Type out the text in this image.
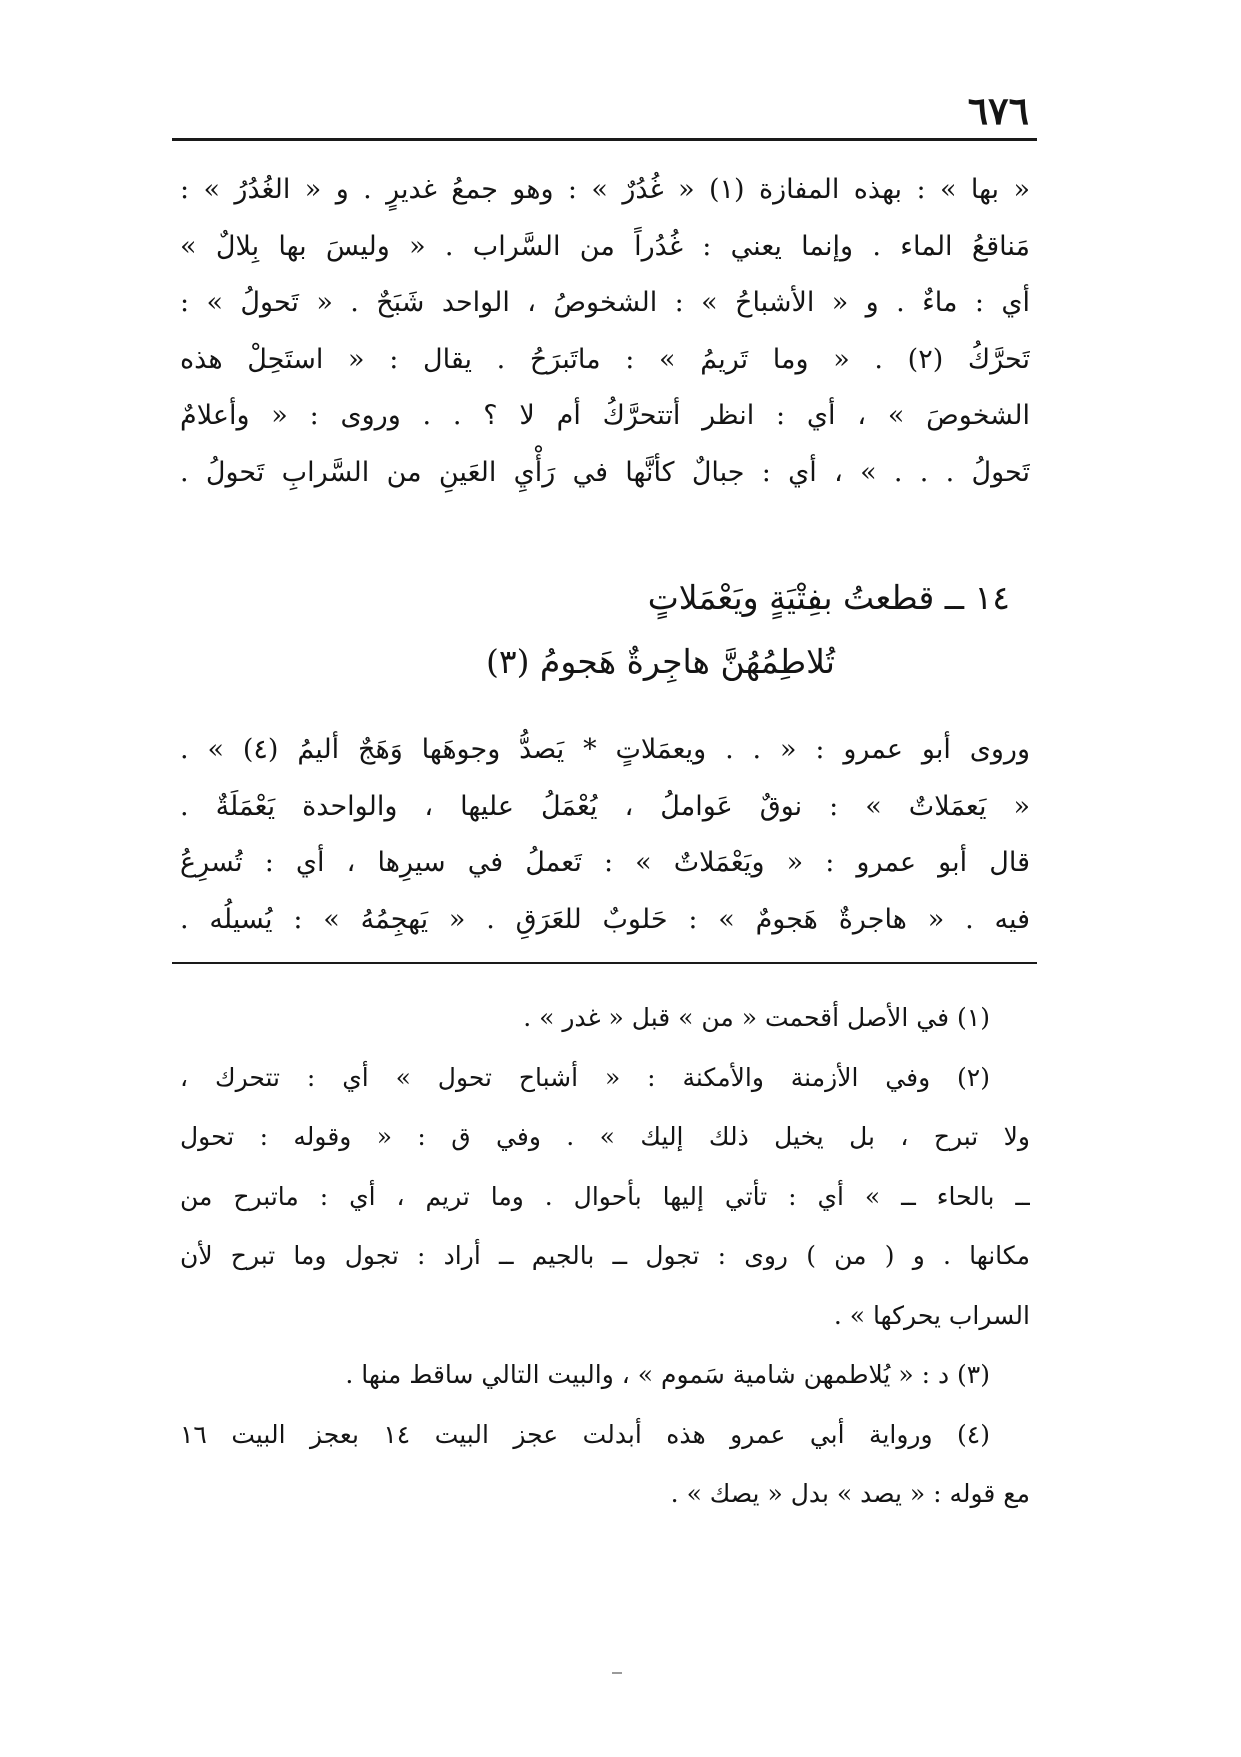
٦٧٦
« بها » : بهذه المفازة (١) « غُدُرٌ » : وهو جمعُ غديرٍ . و « الغُدُرُ » :
مَناقعُ الماء . وإنما يعني : غُدُراً من السَّراب . « وليسَ بها بِلالٌ »
أي : ماءٌ . و « الأشباحُ » : الشخوصُ ، الواحد شَبَحٌ . « تَحولُ » :
تَحرَّكُ (٢) . « وما تَريمُ » : ماتَبرَحُ . يقال : « استَحِلْ هذه
الشخوصَ » ، أي : انظر أتتحرَّكُ أم لا ؟ . . وروى : « وأعلامٌ
تَحولُ . . . » ، أي : جبالٌ كأنَّها في رَأْيِ العَينِ من السَّرابِ تَحولُ .
١٤ ــ قطعتُ بفِتْيَةٍ ويَعْمَلاتٍ
تُلاطِمُهُنَّ هاجِرةٌ هَجومُ (٣)
وروى أبو عمرو : « . . ويعمَلاتٍ * يَصدُّ وجوهَها وَهَجٌ أليمُ (٤) » .
« يَعمَلاتٌ » : نوقٌ عَواملُ ، يُعْمَلُ عليها ، والواحدة يَعْمَلَةٌ .
قال أبو عمرو : « ويَعْمَلاتٌ » : تَعملُ في سيرِها ، أي : تُسرِعُ
فيه . « هاجرةٌ هَجومٌ » : حَلوبٌ للعَرَقِ . « يَهجِمُهُ » : يُسيلُه .
(١) في الأصل أقحمت « من » قبل « غدر » .
(٢) وفي الأزمنة والأمكنة : « أشباح تحول » أي : تتحرك ،
ولا تبرح ، بل يخيل ذلك إليك » . وفي ق : « وقوله : تحول
ــ بالحاء ــ » أي : تأتي إليها بأحوال . وما تريم ، أي : ماتبرح من
مكانها . و ( من ) روى : تجول ــ بالجيم ــ أراد : تجول وما تبرح لأن
السراب يحركها » .
(٣) د : « يُلاطمهن شامية سَموم » ، والبيت التالي ساقط منها .
(٤) ورواية أبي عمرو هذه أبدلت عجز البيت ١٤ بعجز البيت ١٦
مع قوله : « يصد » بدل « يصك » .
